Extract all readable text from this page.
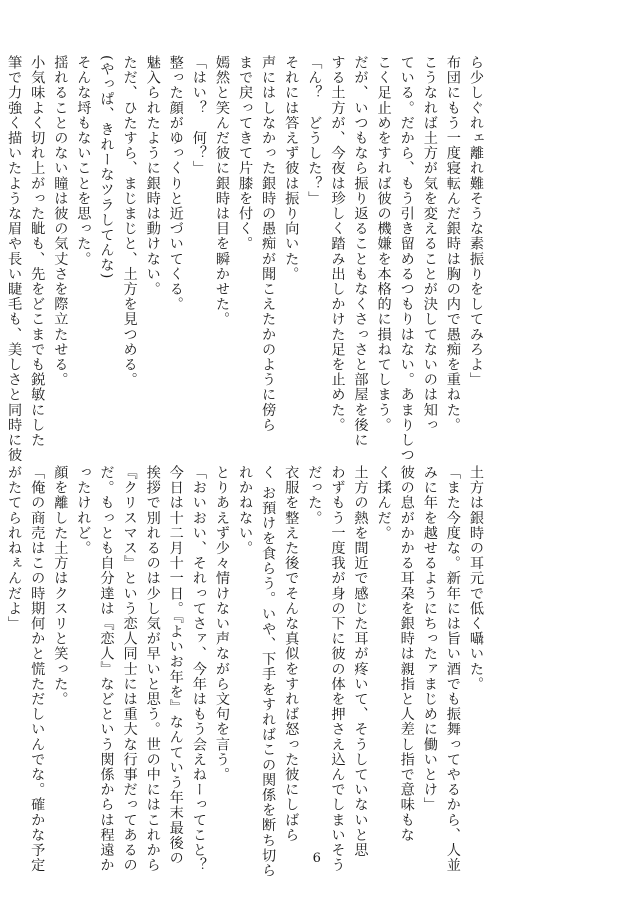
ら少しぐれェ離れ難そうな素振りをしてみろよ」
布団にもう一度寝転んだ銀時は胸の内で愚痴を重ねた。
こうなれば土方が気を変えることが決してないのは知っ
ている。だから、もう引き留めるつもりはない。あまりしつ
こく足止めをすれば彼の機嫌を本格的に損ねてしまう。
だが、いつもなら振り返ることもなくさっさと部屋を後に
する土方が、今夜は珍しく踏み出しかけた足を止めた。
「ん？　どうした？」
それには答えず彼は振り向いた。
声にはしなかった銀時の愚痴が聞こえたかのように傍ら
まで戻ってきて片膝を付く。
嫣然と笑んだ彼に銀時は目を瞬かせた。
「はい？　何？」
整った顔がゆっくりと近づいてくる。
魅入られたように銀時は動けない。
ただ、ひたすら、まじまじと、土方を見つめる。
(やっぱ、きれーなツラしてんな)
そんな埒もないことを思った。
揺れることのない瞳は彼の気丈さを際立たせる。
小気味よく切れ上がった眦も、先をどこまでも鋭敏にした
筆で力強く描いたような眉や長い睫毛も、美しさと同時に彼
土方は銀時の耳元で低く囁いた。
「また今度な。新年には旨い酒でも振舞ってやるから、人並
みに年を越せるようにちったァまじめに働いとけ」
彼の息がかかる耳朶を銀時は親指と人差し指で意味もな
く揉んだ。
土方の熱を間近で感じた耳が疼いて、そうしていないと思
わずもう一度我が身の下に彼の体を押さえ込んでしまいそう
だった。
衣服を整えた後でそんな真似をすれば怒った彼にしばら
く お預けを食らう。いや、下手をすればこの関係を断ち切ら
れかねない。
とりあえず少々情けない声ながら文句を言う。
「おいおい、それってさァ、今年はもう会えねーってこと？
今日は十二月十一日。『よいお年を』なんていう年末最後の
挨拶で別れるのは少し気が早いと思う。世の中にはこれから
『クリスマス』という恋人同士には重大な行事だってあるの
だ。もっとも自分達は『恋人』などという関係からは程遠か
ったけれど。
顔を離した土方はクスリと笑った。
「俺の商売はこの時期何かと慌ただしいんでな。確かな予定
がたてられねぇんだよ」
6
